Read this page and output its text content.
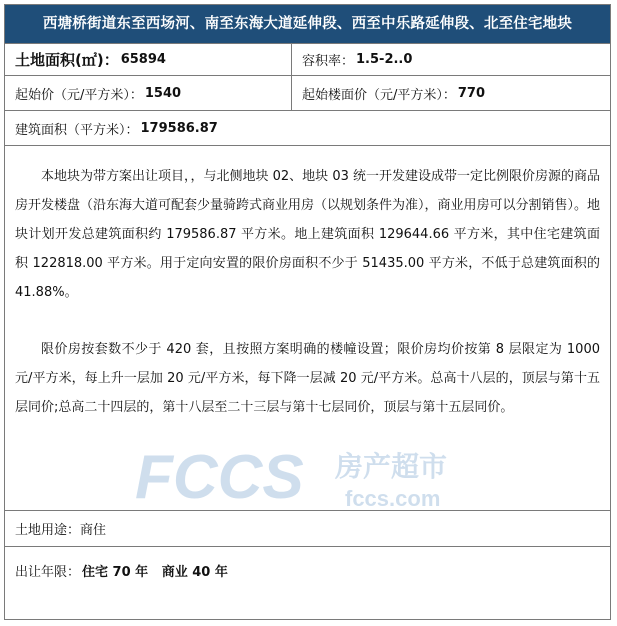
西塘桥街道东至西场河、南至东海大道延伸段、西至中乐路延伸段、北至住宅地块
土地面积(㎡)： 65894	容积率： 1.5-2..0
起始价（元/平方米）： 1540	起始楼面价（元/平方米）： 770
建筑面积（平方米）： 179586.87

本地块为带方案出让项目，，与北侧地块 02、地块 03 统一开发建设成带一定比例限价房源的商品房开发楼盘（沿东海大道可配套少量骑跨式商业用房（以规划条件为准），商业用房可以分割销售）。地块计划开发总建筑面积约 179586.87 平方米。地上建筑面积 129644.66 平方米，其中住宅建筑面积 122818.00 平方米。用于定向安置的限价房面积不少于 51435.00 平方米，不低于总建筑面积的 41.88%。

限价房按套数不少于 420 套，且按照方案明确的楼幢设置；限价房均价按第 8 层限定为 1000 元/平方米，每上升一层加 20 元/平方米，每下降一层减 20 元/平方米。总高十八层的，顶层与第十五层同价;总高二十四层的，第十八层至二十三层与第十七层同价，顶层与第十五层同价。

FCCS 房产超市
fccs.com
土地用途： 商住
出让年限： 住宅 70 年   商业 40 年
